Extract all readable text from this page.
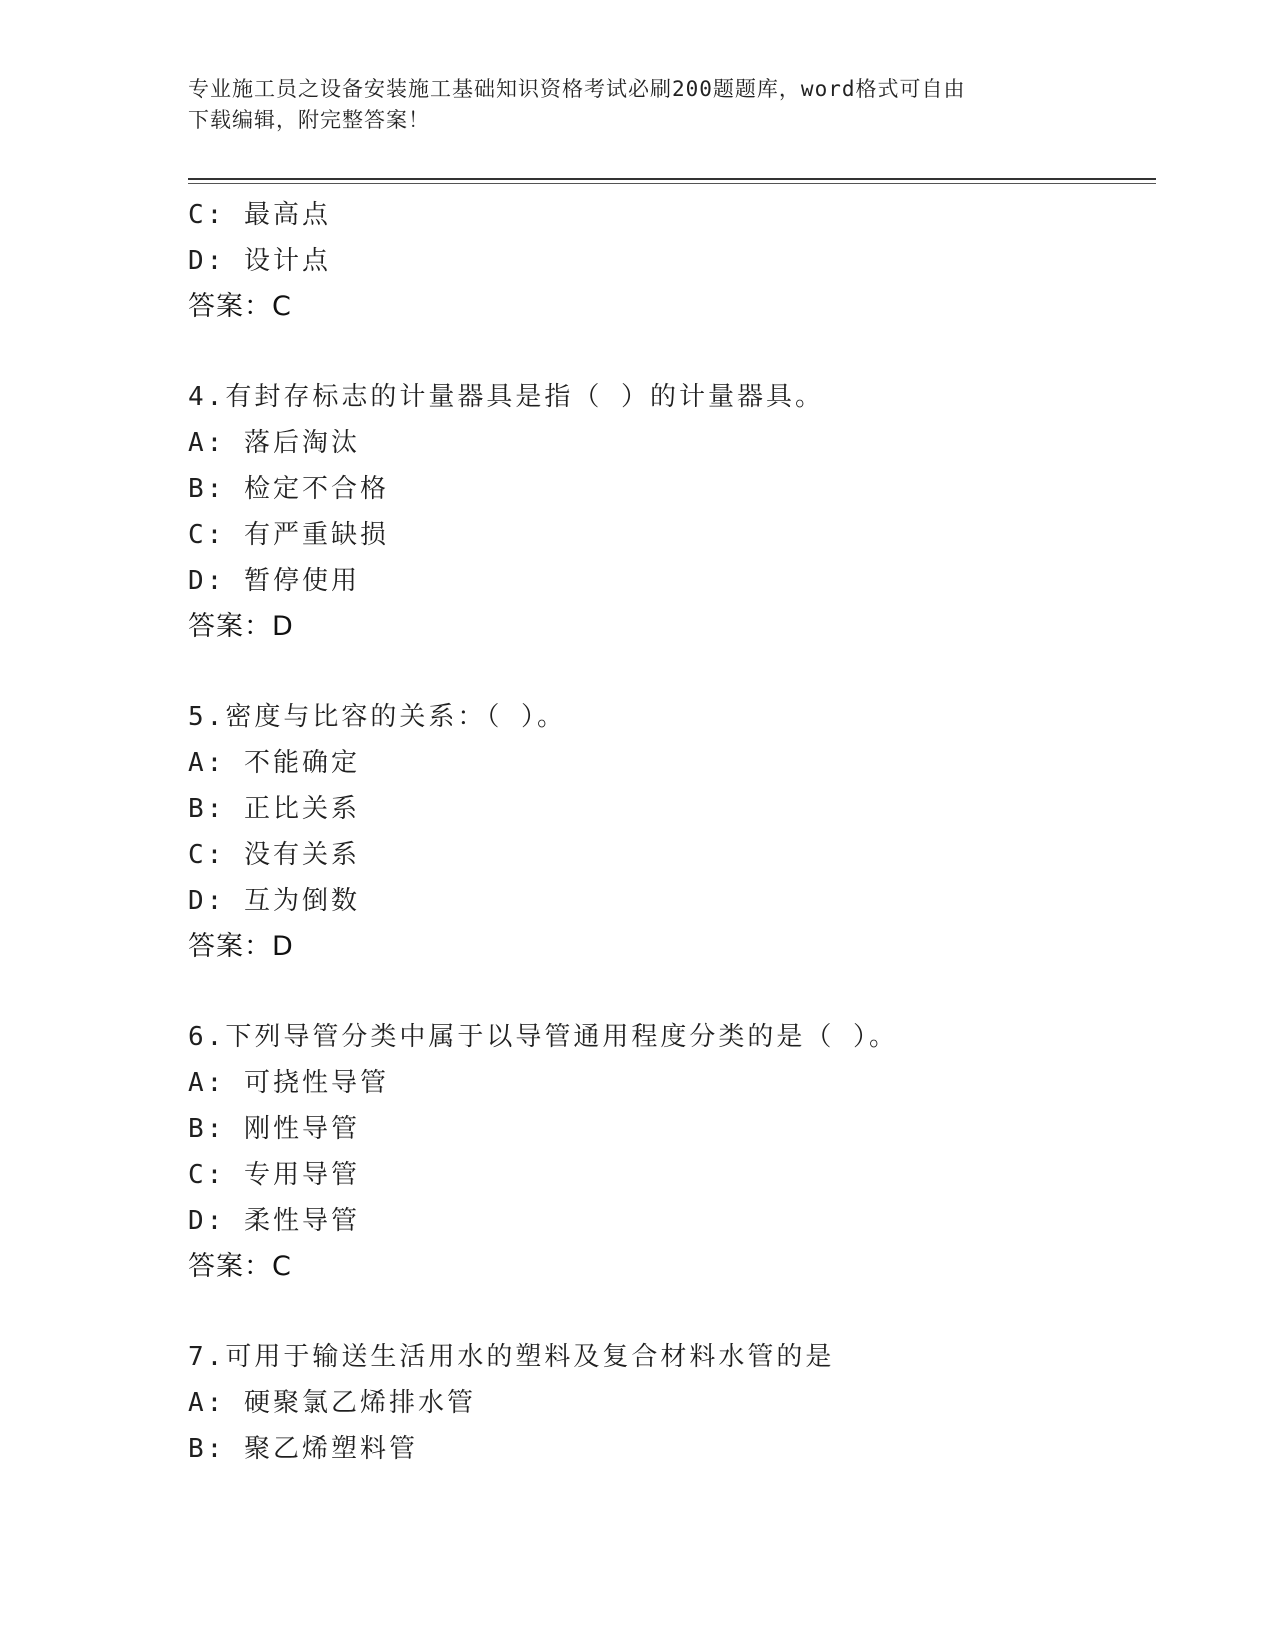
专业施工员之设备安装施工基础知识资格考试必刷200题题库，word格式可自由
下载编辑，附完整答案！
C: 最高点
D: 设计点
答案：C
4.有封存标志的计量器具是指（ ）的计量器具。
A: 落后淘汰
B: 检定不合格
C: 有严重缺损
D: 暂停使用
答案：D
5.密度与比容的关系：（ ）。
A: 不能确定
B: 正比关系
C: 没有关系
D: 互为倒数
答案：D
6.下列导管分类中属于以导管通用程度分类的是（ ）。
A: 可挠性导管
B: 刚性导管
C: 专用导管
D: 柔性导管
答案：C
7.可用于输送生活用水的塑料及复合材料水管的是
A: 硬聚氯乙烯排水管
B: 聚乙烯塑料管
